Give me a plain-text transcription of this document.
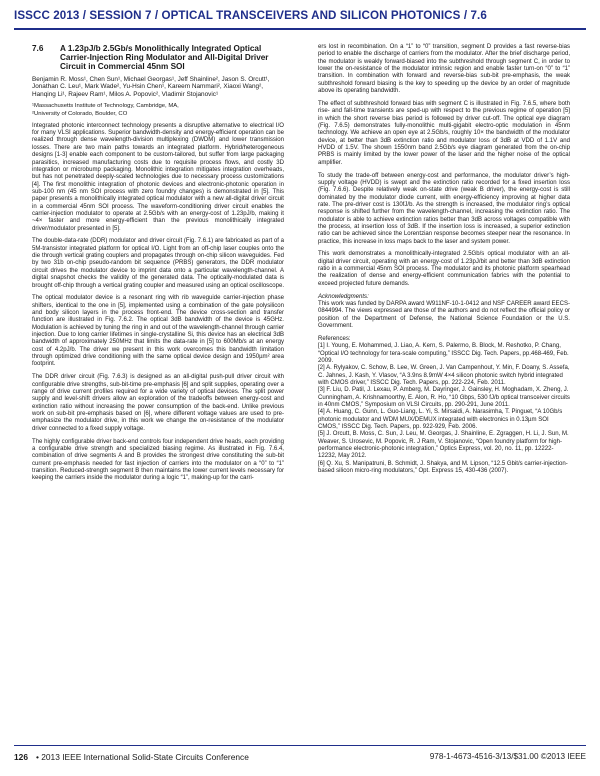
ISSCC 2013 / SESSION 7 / OPTICAL TRANSCEIVERS AND SILICON PHOTONICS / 7.6
7.6	A 1.23pJ/b 2.5Gb/s Monolithically Integrated Optical Carrier-Injection Ring Modulator and All-Digital Driver Circuit in Commercial 45nm SOI
Benjamin R. Moss¹, Chen Sun¹, Michael Georgas¹, Jeff Shainline², Jason S. Orcutt¹, Jonathan C. Leu¹, Mark Wade², Yu-Hsin Chen¹, Kareem Nammari², Xiaoxi Wang², Hanqing Li¹, Rajeev Ram¹, Milos A. Popovic², Vladimir Stojanovic¹
¹Massachusetts Institute of Technology, Cambridge, MA,
²University of Colorado, Boulder, CO

Integrated photonic interconnect technology presents a disruptive alternative to electrical I/O for many VLSI applications. Superior bandwidth-density and energy-efficient operation can be realized through dense wavelength-division multiplexing (DWDM) and lower transmission losses. There are two main paths towards an integrated platform. Hybrid/heterogeneous designs [1-3] enable each component to be custom-tailored, but suffer from large packaging parasitics, increased manufacturing costs due to requisite process flows, and costly 3D integration or microbump packaging. Monolithic integration mitigates integration overheads, but has not penetrated deeply-scaled technologies due to necessary process customizations [4]. The first monolithic integration of photonic devices and electronic-photonic operation in sub-100 nm (45 nm SOI process with zero foundry changes) is demonstrated in [5]. This paper presents a monolithically integrated optical modulator with a new all-digital driver circuit in a commercial 45nm SOI process. The waveform-conditioning driver circuit enables the carrier-injection modulator to operate at 2.5Gb/s with an energy-cost of 1.23pJ/b, making it ~4× faster and more energy-efficient than the previous monolithically integrated driver/modulator presented in [5].

The double-data-rate (DDR) modulator and driver circuit (Fig. 7.6.1) are fabricated as part of a 5M-transistor integrated platform for optical I/O. Light from an off-chip laser couples onto the die through vertical grating couplers and propagates through on-chip silicon waveguides. Fed by two 31b on-chip pseudo-random bit sequence (PRBS) generators, the DDR modulator circuit drives the modulator device to imprint data onto a particular wavelength-channel. A digital snapshot checks the validity of the generated data. The optically-modulated data is brought off-chip through a vertical grating coupler and measured using an optical oscilloscope.

The optical modulator device is a resonant ring with rib waveguide carrier-injection phase shifters, identical to the one in [5], implemented using a combination of the gate polysilicon and body silicon layers in the process front-end. The device cross-section and transfer function are illustrated in Fig. 7.6.2. The optical 3dB bandwidth of the device is 45GHz. Modulation is achieved by tuning the ring in and out of the wavelength-channel through carrier injection. Due to long carrier lifetimes in single-crystalline Si, this device has an electrical 3dB bandwidth of approximately 250MHz that limits the data-rate in [5] to 600Mb/s at an energy cost of 4.2pJ/b. The driver we present in this work overcomes this bandwidth limitation through optimized drive conditioning with the same optical device design and 1950µm² area footprint.

The DDR driver circuit (Fig. 7.6.3) is designed as an all-digital push-pull driver circuit with configurable drive strengths, sub-bit-time pre-emphasis [6] and split supplies, operating over a range of drive current profiles required for a wide variety of optical devices. The split power supply and level-shift drivers allow an exploration of the tradeoffs between energy-cost and extinction ratio without increasing the power consumption of the back-end. Unlike previous work on sub-bit pre-emphasis based on [6], where different voltage values are used to pre-emphasize the modulator drive, in this work we change the on-resistance of the modulator driver connected to a fixed supply voltage.

The highly configurable driver back-end controls four independent drive heads, each providing a configurable drive strength and specialized biasing regime. As illustrated in Fig. 7.6.4, combination of drive segments A and B provides the strongest drive constituting the sub-bit current pre-emphasis needed for fast injection of carriers into the modulator on a “0” to “1” transition. Reduced-strength segment B then maintains the lower current levels necessary for keeping the carriers inside the modulator during a logic “1”, making-up for the carri-

ers lost in recombination. On a “1” to “0” transition, segment D provides a fast reverse-bias period to enable the discharge of carriers from the modulator. After the brief discharge period, the modulator is weakly forward-biased into the subthreshold through segment C, in order to lower the on-resistance of the modulator intrinsic region and enable faster turn-on “0” to “1” transition. In combination with forward and reverse-bias sub-bit pre-emphasis, the weak subthreshold forward biasing is the key to speeding up the device by an order of magnitude above its operating bandwidth.

The effect of subthreshold forward bias with segment C is illustrated in Fig. 7.6.5, where both rise- and fall-time transients are sped-up with respect to the previous regime of operation [5] in which the short reverse bias period is followed by driver cut-off. The optical eye diagram (Fig. 7.6.5) demonstrates fully-monolithic multi-gigabit electro-optic modulation in 45nm technology. We achieve an open eye at 2.5Gb/s, roughly 10× the bandwidth of the modulator device, at better than 3dB extinction ratio and modulator loss of 3dB at VDD of 1.1V and HVDD of 1.5V. The shown 1550nm band 2.5Gb/s eye diagram generated from the on-chip PRBS is mainly limited by the lower power of the laser and the higher noise of the optical amplifier.

To study the trade-off between energy-cost and performance, the modulator driver’s high-supply voltage (HVDD) is swept and the extinction ratio recorded for a fixed insertion loss (Fig. 7.6.6). Despite relatively weak on-state drive (weak B driver), the energy-cost is still dominated by the modulator diode current, with energy-efficiency improving at higher data rate. The pre-driver cost is 130fJ/b. As the strength is increased, the modulator ring’s optical response is shifted further from the wavelength-channel, increasing the extinction ratio. The modulator is able to achieve extinction ratios better than 3dB across voltages compatible with the process, at insertion loss of 3dB. If the insertion loss is increased, a superior extinction ratio can be achieved since the Lorentzian response becomes steeper near the resonance. In practice, this increase in loss maps back to the laser and system power.

This work demonstrates a monolithically-integrated 2.5Gb/s optical modulator with an all-digital driver circuit, operating with an energy-cost of 1.23pJ/bit and better than 3dB extinction ratio in a commercial 45nm SOI process. The modulator and its photonic platform spearhead the realization of dense and energy-efficient communication fabrics with the potential to exceed projected future demands.

Acknowledgments:

This work was funded by DARPA award W911NF-10-1-0412 and NSF CAREER award EECS-0844994. The views expressed are those of the authors and do not reflect the official policy or position of the Department of Defense, the National Science Foundation or the U.S. Government.

References:

[1] I. Young, E. Mohammed, J. Liao, A. Kern, S. Palermo, B. Block, M. Reshotko, P. Chang, “Optical I/O technology for tera-scale computing,” ISSCC Dig. Tech. Papers, pp.468-469, Feb. 2009.
[2] A. Rylyakov, C. Schow, B. Lee, W. Green, J. Van Campenhout, Y. Min, F. Doany, S. Assefa, C. Jahnes, J. Kash, Y. Vlasov, “A 3.9ns 8.9mW 4×4 silicon photonic switch hybrid integrated with CMOS driver,” ISSCC Dig. Tech. Papers, pp. 222-224, Feb. 2011.
[3] F. Liu, D. Patil, J. Lexau, P. Amberg, M. Dayringer, J. Gainsley, H. Moghadam, X. Zheng, J. Cunningham, A. Krishnamoorthy, E. Alon, R. Ho, “10 Gbps, 530 fJ/b optical transceiver circuits in 40nm CMOS,” Symposium on VLSI Circuits, pp. 290-291, June 2011.
[4] A. Huang, C. Gunn, L. Guo-Liang, L. Yi, S. Mirsaidi, A. Narasimha, T. Pinguet, “A 10Gb/s photonic modulator and WDM MUX/DEMUX integrated with electronics in 0.13µm SOI CMOS,” ISSCC Dig. Tech. Papers, pp. 922-929, Feb. 2006.
[5] J. Orcutt, B. Moss, C. Sun, J. Leu, M. Georgas, J. Shainline, E. Zgraggen, H. Li, J. Sun, M. Weaver, S. Urosevic, M. Popovic, R. J Ram, V. Stojanovic, “Open foundry platform for high-performance electronic-photonic integration,” Optics Express, vol. 20, no. 11, pp. 12222-12232, May 2012.
[6] Q. Xu, S. Manipatruni, B. Schmidt, J. Shakya, and M. Lipson, “12.5 Gbit/s carrier-injection-based silicon micro-ring modulators,” Opt. Express 15, 430-436 (2007).
126 • 2013 IEEE International Solid-State Circuits Conference	978-1-4673-4516-3/13/$31.00 ©2013 IEEE
